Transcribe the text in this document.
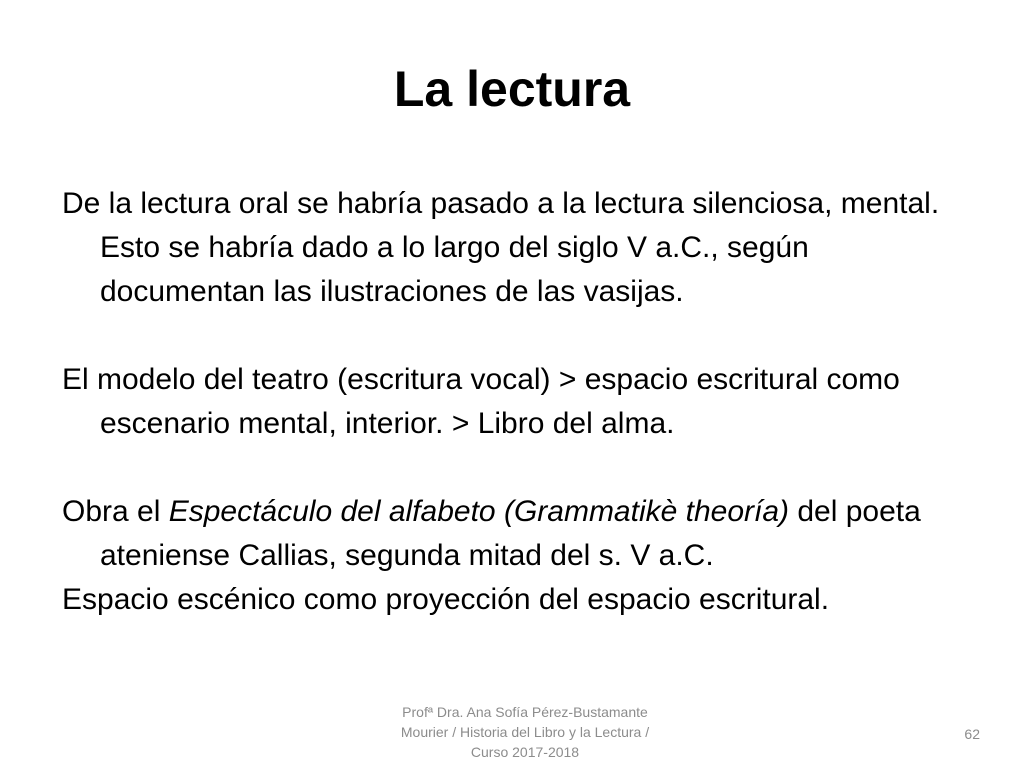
La lectura

De la lectura oral se habría pasado a la lectura silenciosa, mental. Esto se habría dado a lo largo del siglo V a.C., según documentan las ilustraciones de las vasijas.

El modelo del teatro (escritura vocal) > espacio escritural como escenario mental, interior. > Libro del alma.

Obra el Espectáculo del alfabeto (Grammatikè theoría) del poeta ateniense Callias, segunda mitad del s. V a.C.

Espacio escénico como proyección del espacio escritural.

Profª Dra. Ana Sofía Pérez-Bustamante
Mourier / Historia del Libro y la Lectura /
Curso 2017-2018
62
